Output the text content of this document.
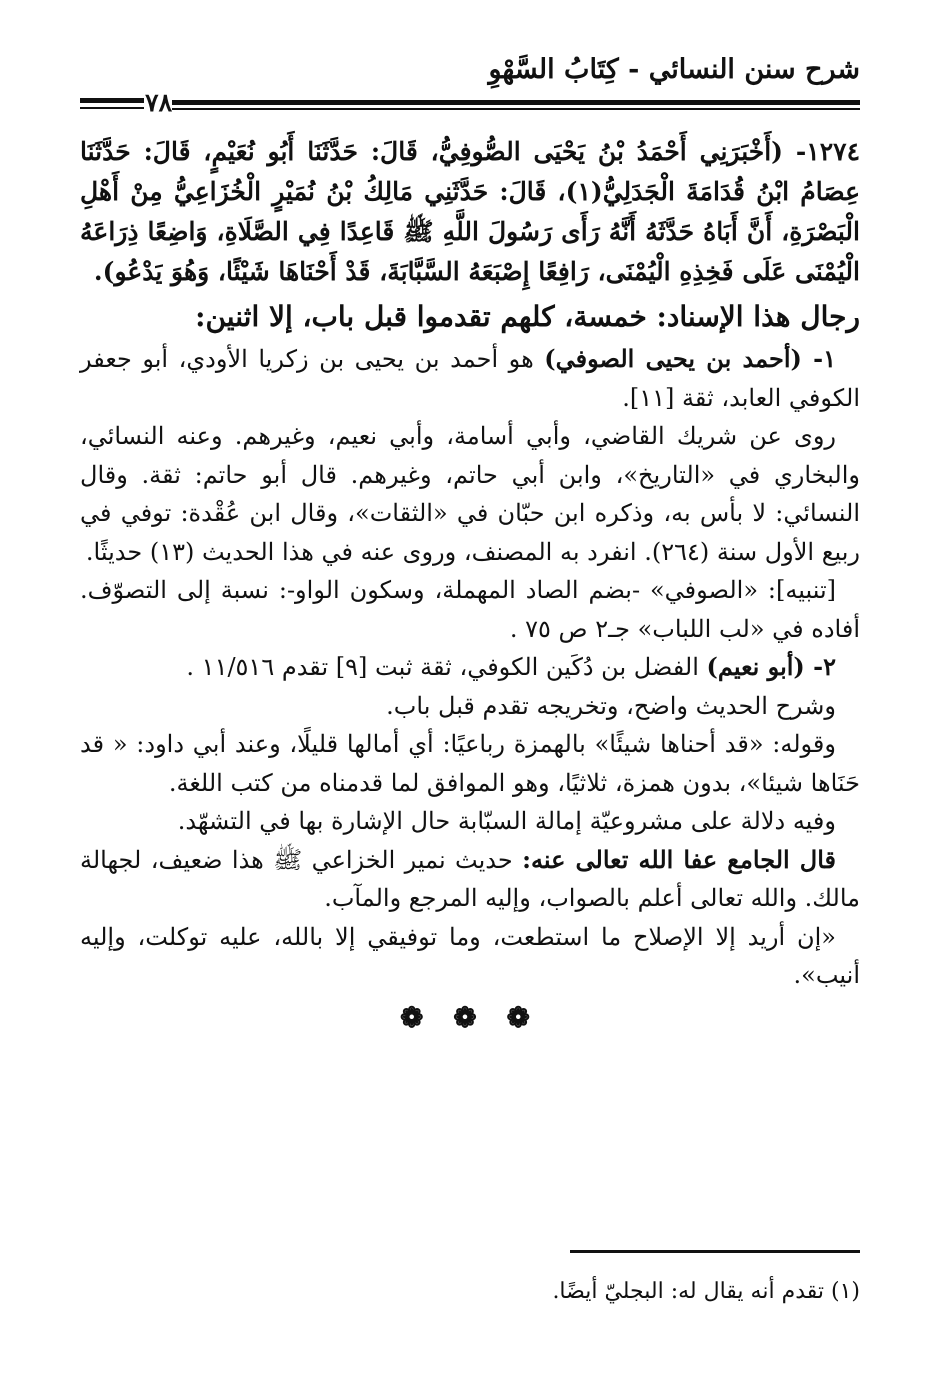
شرح سنن النسائي - كِتَابُ السَّهْوِ
٧٨

١٢٧٤- (أَخْبَرَنِي أَحْمَدُ بْنُ يَحْيَى الصُّوفِيُّ، قَالَ: حَدَّثَنَا أَبُو نُعَيْمٍ، قَالَ: حَدَّثَنَا عِصَامُ ابْنُ قُدَامَةَ الْجَدَلِيُّ(١)، قَالَ: حَدَّثَنِي مَالِكُ بْنُ نُمَيْرٍ الْخُزَاعِيُّ مِنْ أَهْلِ الْبَصْرَةِ، أَنَّ أَبَاهُ حَدَّثَهُ أَنَّهُ رَأَى رَسُولَ اللَّهِ ﷺ قَاعِدًا فِي الصَّلَاةِ، وَاضِعًا ذِرَاعَهُ الْيُمْنَى عَلَى فَخِذِهِ الْيُمْنَى، رَافِعًا إِصْبَعَهُ السَّبَّابَةَ، قَدْ أَحْنَاهَا شَيْئًا، وَهُوَ يَدْعُو).

رجال هذا الإسناد: خمسة، كلهم تقدموا قبل باب، إلا اثنين:

١- (أحمد بن يحيى الصوفي) هو أحمد بن يحيى بن زكريا الأودي، أبو جعفر الكوفي العابد، ثقة [١١].

روى عن شريك القاضي، وأبي أسامة، وأبي نعيم، وغيرهم. وعنه النسائي، والبخاري في «التاريخ»، وابن أبي حاتم، وغيرهم. قال أبو حاتم: ثقة. وقال النسائي: لا بأس به، وذكره ابن حبّان في «الثقات»، وقال ابن عُقْدة: توفي في ربيع الأول سنة (٢٦٤). انفرد به المصنف، وروى عنه في هذا الحديث (١٣) حديثًا.

[تنبيه]: «الصوفي» -بضم الصاد المهملة، وسكون الواو-: نسبة إلى التصوّف. أفاده في «لب اللباب» جـ٢ ص ٧٥ .

٢- (أبو نعيم) الفضل بن دُكَين الكوفي، ثقة ثبت [٩] تقدم ١١/٥١٦ .

وشرح الحديث واضح، وتخريجه تقدم قبل باب.

وقوله: «قد أحناها شيئًا» بالهمزة رباعيًا: أي أمالها قليلًا، وعند أبي داود: « قد حَنَاها شيئا»، بدون همزة، ثلاثيًا، وهو الموافق لما قدمناه من كتب اللغة.

وفيه دلالة على مشروعيّة إمالة السبّابة حال الإشارة بها في التشهّد.

قال الجامع عفا الله تعالى عنه: حديث نمير الخزاعي ﷺ هذا ضعيف، لجهالة مالك. والله تعالى أعلم بالصواب، وإليه المرجع والمآب.

«إن أريد إلا الإصلاح ما استطعت، وما توفيقي إلا بالله، عليه توكلت، وإليه أنيب».

❁ ❁ ❁

(١) تقدم أنه يقال له: البجليّ أيضًا.
